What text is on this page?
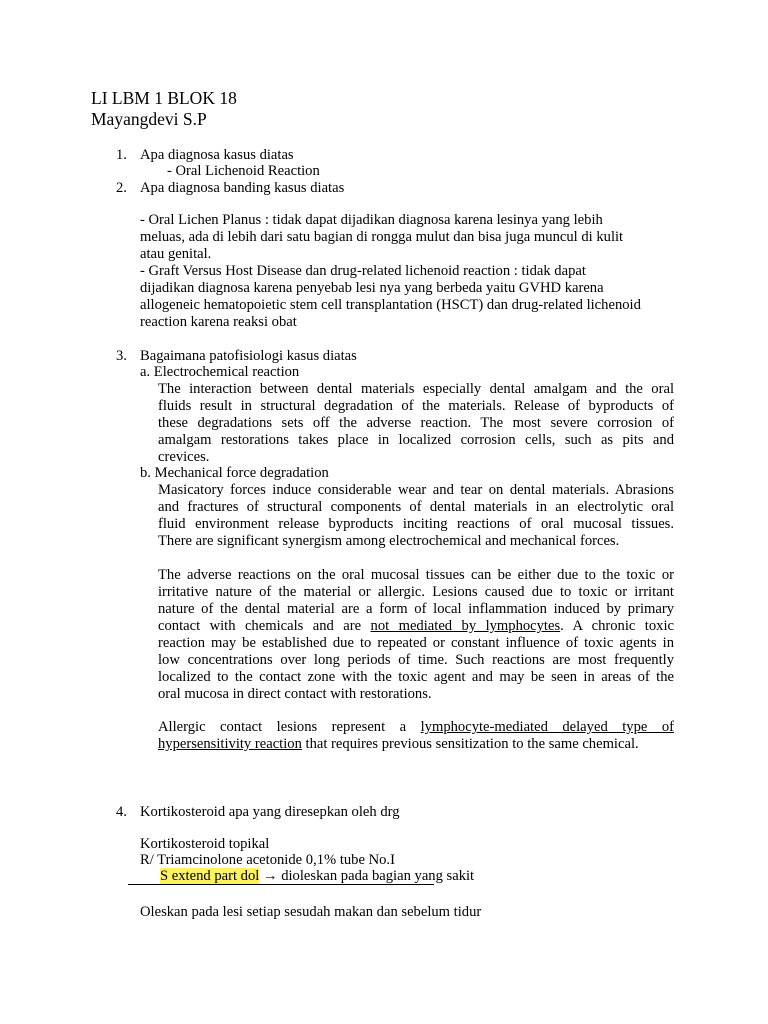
LI LBM 1 BLOK 18
Mayangdevi S.P
1. Apa diagnosa kasus diatas
- Oral Lichenoid Reaction
2. Apa diagnosa banding kasus diatas
- Oral Lichen Planus : tidak dapat dijadikan diagnosa karena lesinya yang lebih
meluas, ada di lebih dari satu bagian di rongga mulut dan bisa juga muncul di kulit
atau genital.
- Graft Versus Host Disease dan drug-related lichenoid reaction : tidak dapat
dijadikan diagnosa karena penyebab lesi nya yang berbeda yaitu GVHD karena
allogeneic hematopoietic stem cell transplantation (HSCT) dan drug-related lichenoid
reaction karena reaksi obat
3. Bagaimana patofisiologi kasus diatas
a. Electrochemical reaction
The interaction between dental materials especially dental amalgam and the oral
fluids result in structural degradation of the materials. Release of byproducts of
these degradations sets off the adverse reaction. The most severe corrosion of
amalgam restorations takes place in localized corrosion cells, such as pits and
crevices.
b. Mechanical force degradation
Masicatory forces induce considerable wear and tear on dental materials. Abrasions
and fractures of structural components of dental materials in an electrolytic oral
fluid environment release byproducts inciting reactions of oral mucosal tissues.
There are significant synergism among electrochemical and mechanical forces.
The adverse reactions on the oral mucosal tissues can be either due to the toxic or
irritative nature of the material or allergic. Lesions caused due to toxic or irritant
nature of the dental material are a form of local inflammation induced by primary
contact with chemicals and are not mediated by lymphocytes. A chronic toxic
reaction may be established due to repeated or constant influence of toxic agents in
low concentrations over long periods of time. Such reactions are most frequently
localized to the contact zone with the toxic agent and may be seen in areas of the
oral mucosa in direct contact with restorations.
Allergic contact lesions represent a lymphocyte-mediated delayed type of
hypersensitivity reaction that requires previous sensitization to the same chemical.
4. Kortikosteroid apa yang diresepkan oleh drg
Kortikosteroid topikal
R/ Triamcinolone acetonide 0,1% tube No.I
S extend part dol → dioleskan pada bagian yang sakit
Oleskan pada lesi setiap sesudah makan dan sebelum tidur
